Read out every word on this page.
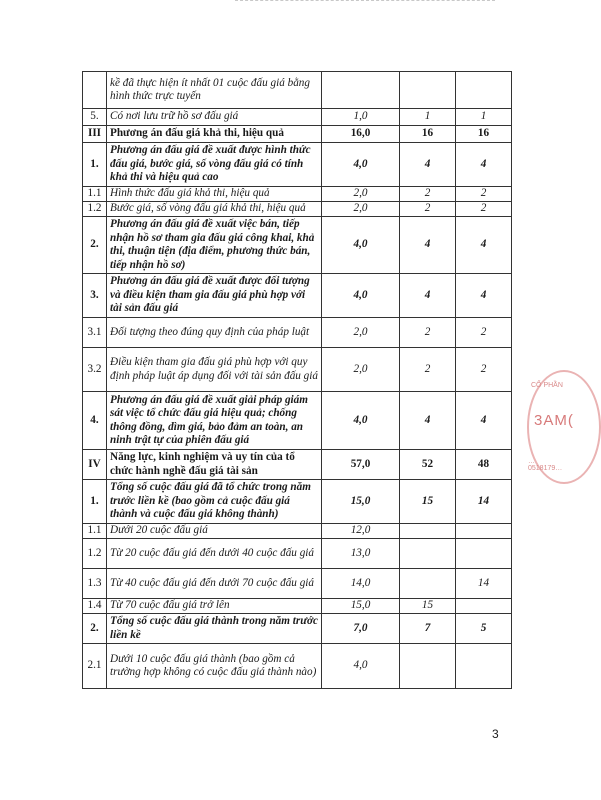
	kề đã thực hiện ít nhất 01 cuộc đấu giá bằng hình thức trực tuyến			
5.	Có nơi lưu trữ hồ sơ đấu giá	1,0	1	1
III	Phương án đấu giá khả thi, hiệu quả	16,0	16	16
1.	Phương án đấu giá đề xuất được hình thức đấu giá, bước giá, số vòng đấu giá có tính khả thi và hiệu quả cao	4,0	4	4
1.1	Hình thức đấu giá khả thi, hiệu quả	2,0	2	2
1.2	Bước giá, số vòng đấu giá khả thi, hiệu quả	2,0	2	2
2.	Phương án đấu giá đề xuất việc bán, tiếp nhận hồ sơ tham gia đấu giá công khai, khả thi, thuận tiện (địa điểm, phương thức bán, tiếp nhận hồ sơ)	4,0	4	4
3.	Phương án đấu giá đề xuất được đối tượng và điều kiện tham gia đấu giá phù hợp với tài sản đấu giá	4,0	4	4
3.1	Đối tượng theo đúng quy định của pháp luật	2,0	2	2
3.2	Điều kiện tham gia đấu giá phù hợp với quy định pháp luật áp dụng đối với tài sản đấu giá	2,0	2	2
4.	Phương án đấu giá đề xuất giải pháp giám sát việc tổ chức đấu giá hiệu quả; chống thông đồng, dìm giá, bảo đảm an toàn, an ninh trật tự của phiên đấu giá	4,0	4	4
IV	Năng lực, kinh nghiệm và uy tín của tổ chức hành nghề đấu giá tài sản	57,0	52	48
1.	Tổng số cuộc đấu giá đã tổ chức trong năm trước liền kề (bao gồm cả cuộc đấu giá thành và cuộc đấu giá không thành)	15,0	15	14
1.1	Dưới 20 cuộc đấu giá	12,0		
1.2	Từ 20 cuộc đấu giá đến dưới 40 cuộc đấu giá	13,0		
1.3	Từ 40 cuộc đấu giá đến dưới 70 cuộc đấu giá	14,0		14
1.4	Từ 70 cuộc đấu giá trở lên	15,0	15	
2.	Tổng số cuộc đấu giá thành trong năm trước liền kề	7,0	7	5
2.1	Dưới 10 cuộc đấu giá thành (bao gồm cả trường hợp không có cuộc đấu giá thành nào)	4,0		
CỔ PHẦN
3AM(
…0518179…
3
